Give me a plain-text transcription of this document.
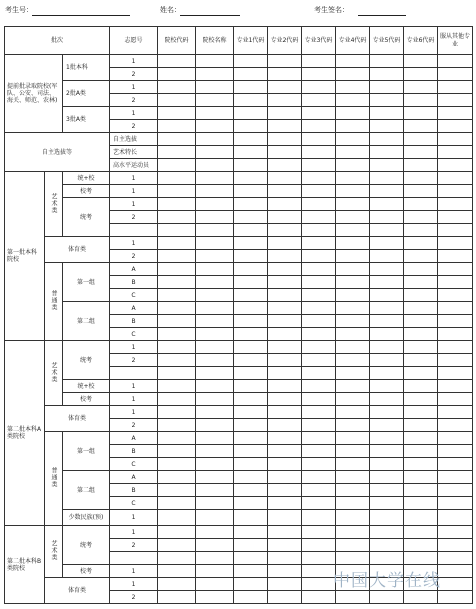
考生号：	姓名：	考生签名：
批次			志愿号	院校代码	院校名称	专业1代码	专业2代码	专业3代码	专业4代码	专业5代码	专业6代码	服从其他专业

提前批录取院校(军队、公安、司法、海关、师范、农林)		1批本科	1									
			2									
		2批A类	1									
			2									
		3批A类	1									
			2									
自主选拔等			自主选拔									
			艺术特长									
			高水平运动员									

第一批本科院校	艺术类	统+校	1									
		校考	1									
		统考	1									
			2									

	体育类		1									
			2									
	普通类	第一组	A									
			B									
			C									
		第二组	A									
			B									
			C									

第二批本科A类院校	艺术类	统考	1									
			2									

		统+校	1									
		校考	1									
	体育类		1									
			2									
	普通类	第一组	A									
			B									
			C									
		第二组	A									
			B									
			C									
		少数民族(预)	1									

第二批本科B类院校	艺术类	统考	1									
			2									

		校考	1									
	体育类		1									
			2									
中国大学在线
